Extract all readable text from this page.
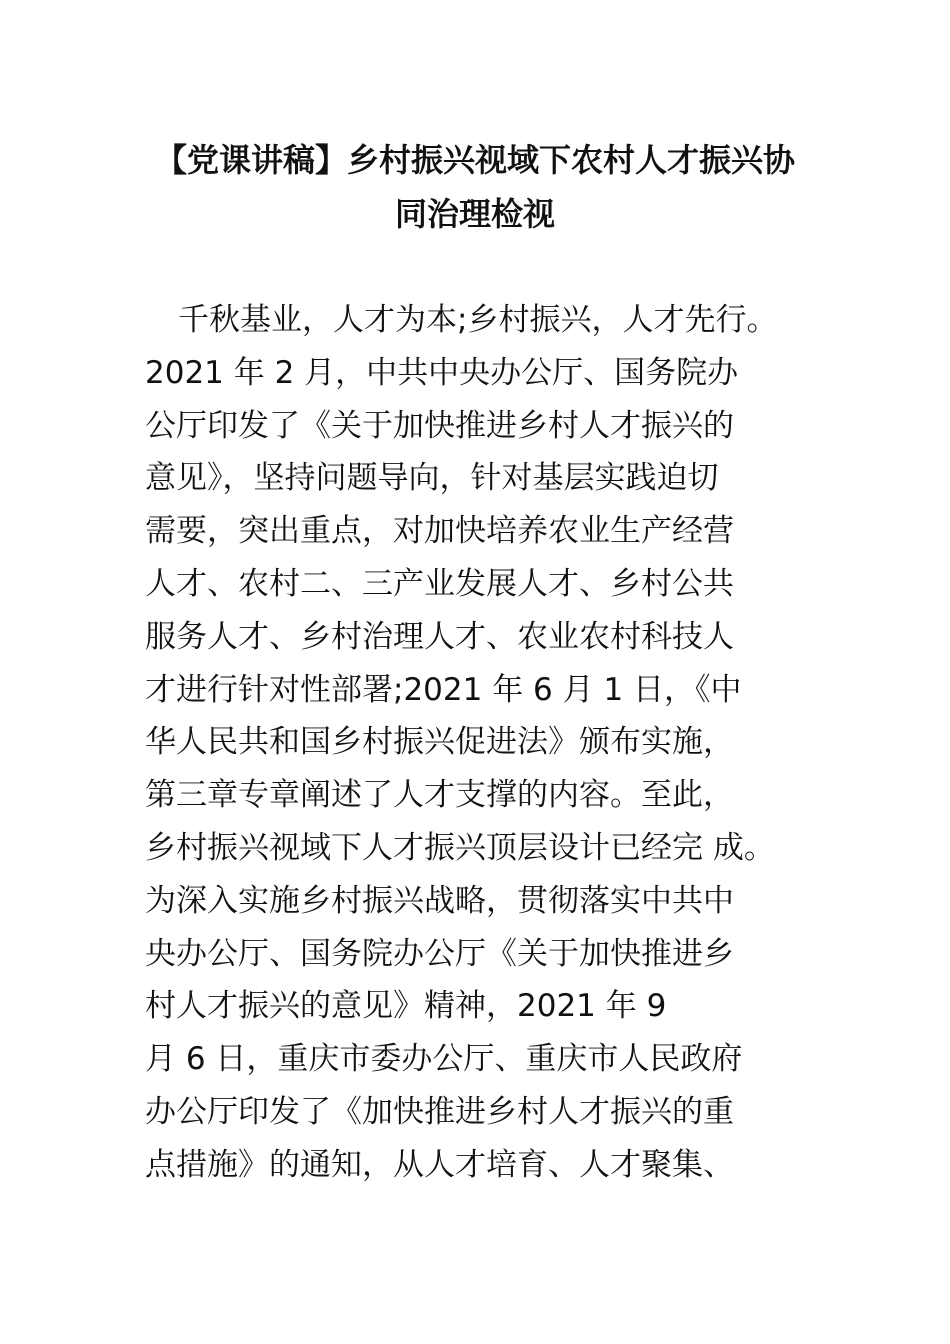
【党课讲稿】乡村振兴视域下农村人才振兴协
同治理检视
千秋基业，人才为本;乡村振兴，人才先行。
2021 年 2 月，中共中央办公厅、国务院办
公厅印发了《关于加快推进乡村人才振兴的
意见》，坚持问题导向，针对基层实践迫切
需要，突出重点，对加快培养农业生产经营
人才、农村二、三产业发展人才、乡村公共
服务人才、乡村治理人才、农业农村科技人
才进行针对性部署;2021 年 6 月 1 日，《中
华人民共和国乡村振兴促进法》颁布实施，
第三章专章阐述了人才支撑的内容。至此，
乡村振兴视域下人才振兴顶层设计已经完 成。
为深入实施乡村振兴战略，贯彻落实中共中
央办公厅、国务院办公厅《关于加快推进乡
村人才振兴的意见》精神，2021 年 9
月 6 日，重庆市委办公厅、重庆市人民政府
办公厅印发了《加快推进乡村人才振兴的重
点措施》的通知，从人才培育、人才聚集、
